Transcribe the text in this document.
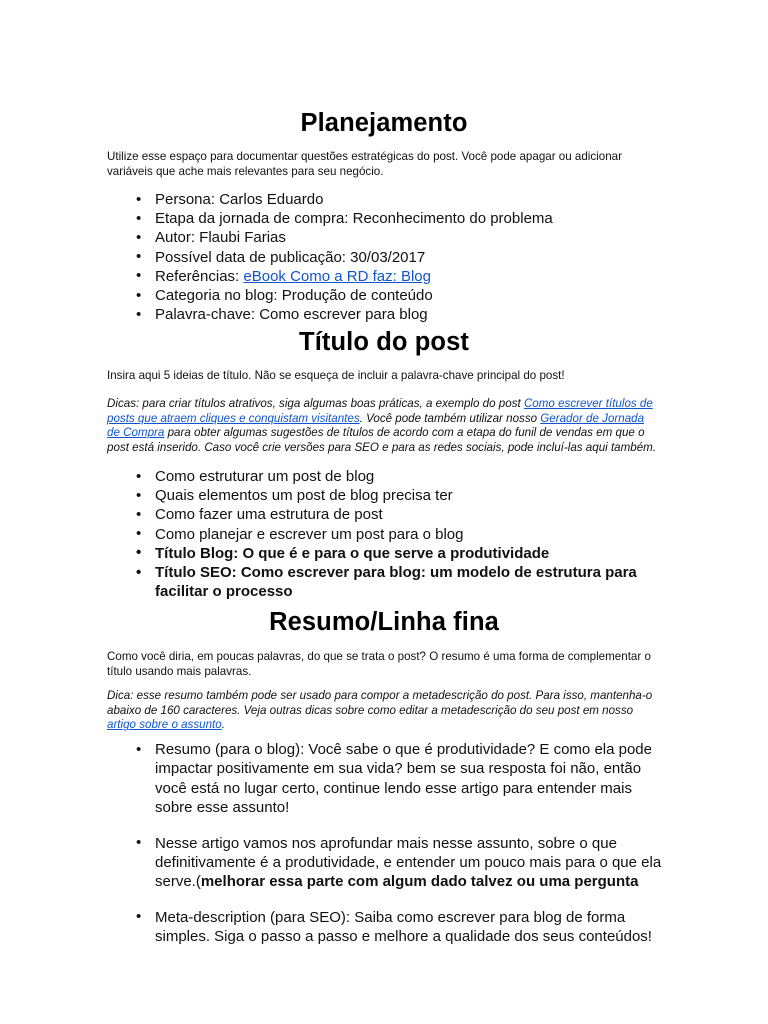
Planejamento

Utilize esse espaço para documentar questões estratégicas do post. Você pode apagar ou adicionar variáveis que ache mais relevantes para seu negócio.

• Persona: Carlos Eduardo
• Etapa da jornada de compra: Reconhecimento do problema
• Autor: Flaubi Farias
• Possível data de publicação: 30/03/2017
• Referências: eBook Como a RD faz: Blog
• Categoria no blog: Produção de conteúdo
• Palavra-chave: Como escrever para blog
Título do post

Insira aqui 5 ideias de título. Não se esqueça de incluir a palavra-chave principal do post!

Dicas: para criar títulos atrativos, siga algumas boas práticas, a exemplo do post Como escrever títulos de posts que atraem cliques e conquistam visitantes. Você pode também utilizar nosso Gerador de Jornada de Compra para obter algumas sugestões de títulos de acordo com a etapa do funil de vendas em que o post está inserido. Caso você crie versões para SEO e para as redes sociais, pode incluí-las aqui também.

• Como estruturar um post de blog
• Quais elementos um post de blog precisa ter
• Como fazer uma estrutura de post
• Como planejar e escrever um post para o blog
• Título Blog: O que é e para o que serve a produtividade
• Título SEO: Como escrever para blog: um modelo de estrutura para facilitar o processo
Resumo/Linha fina

Como você diria, em poucas palavras, do que se trata o post? O resumo é uma forma de complementar o título usando mais palavras.

Dica: esse resumo também pode ser usado para compor a metadescrição do post. Para isso, mantenha-o abaixo de 160 caracteres. Veja outras dicas sobre como editar a metadescrição do seu post em nosso artigo sobre o assunto.

• Resumo (para o blog): Você sabe o que é produtividade? E como ela pode impactar positivamente em sua vida? bem se sua resposta foi não, então você está no lugar certo, continue lendo esse artigo para entender mais sobre esse assunto!
• Nesse artigo vamos nos aprofundar mais nesse assunto, sobre o que definitivamente é a produtividade, e entender um pouco mais para o que ela serve.(melhorar essa parte com algum dado talvez ou uma pergunta
• Meta-description (para SEO): Saiba como escrever para blog de forma simples. Siga o passo a passo e melhore a qualidade dos seus conteúdos!
